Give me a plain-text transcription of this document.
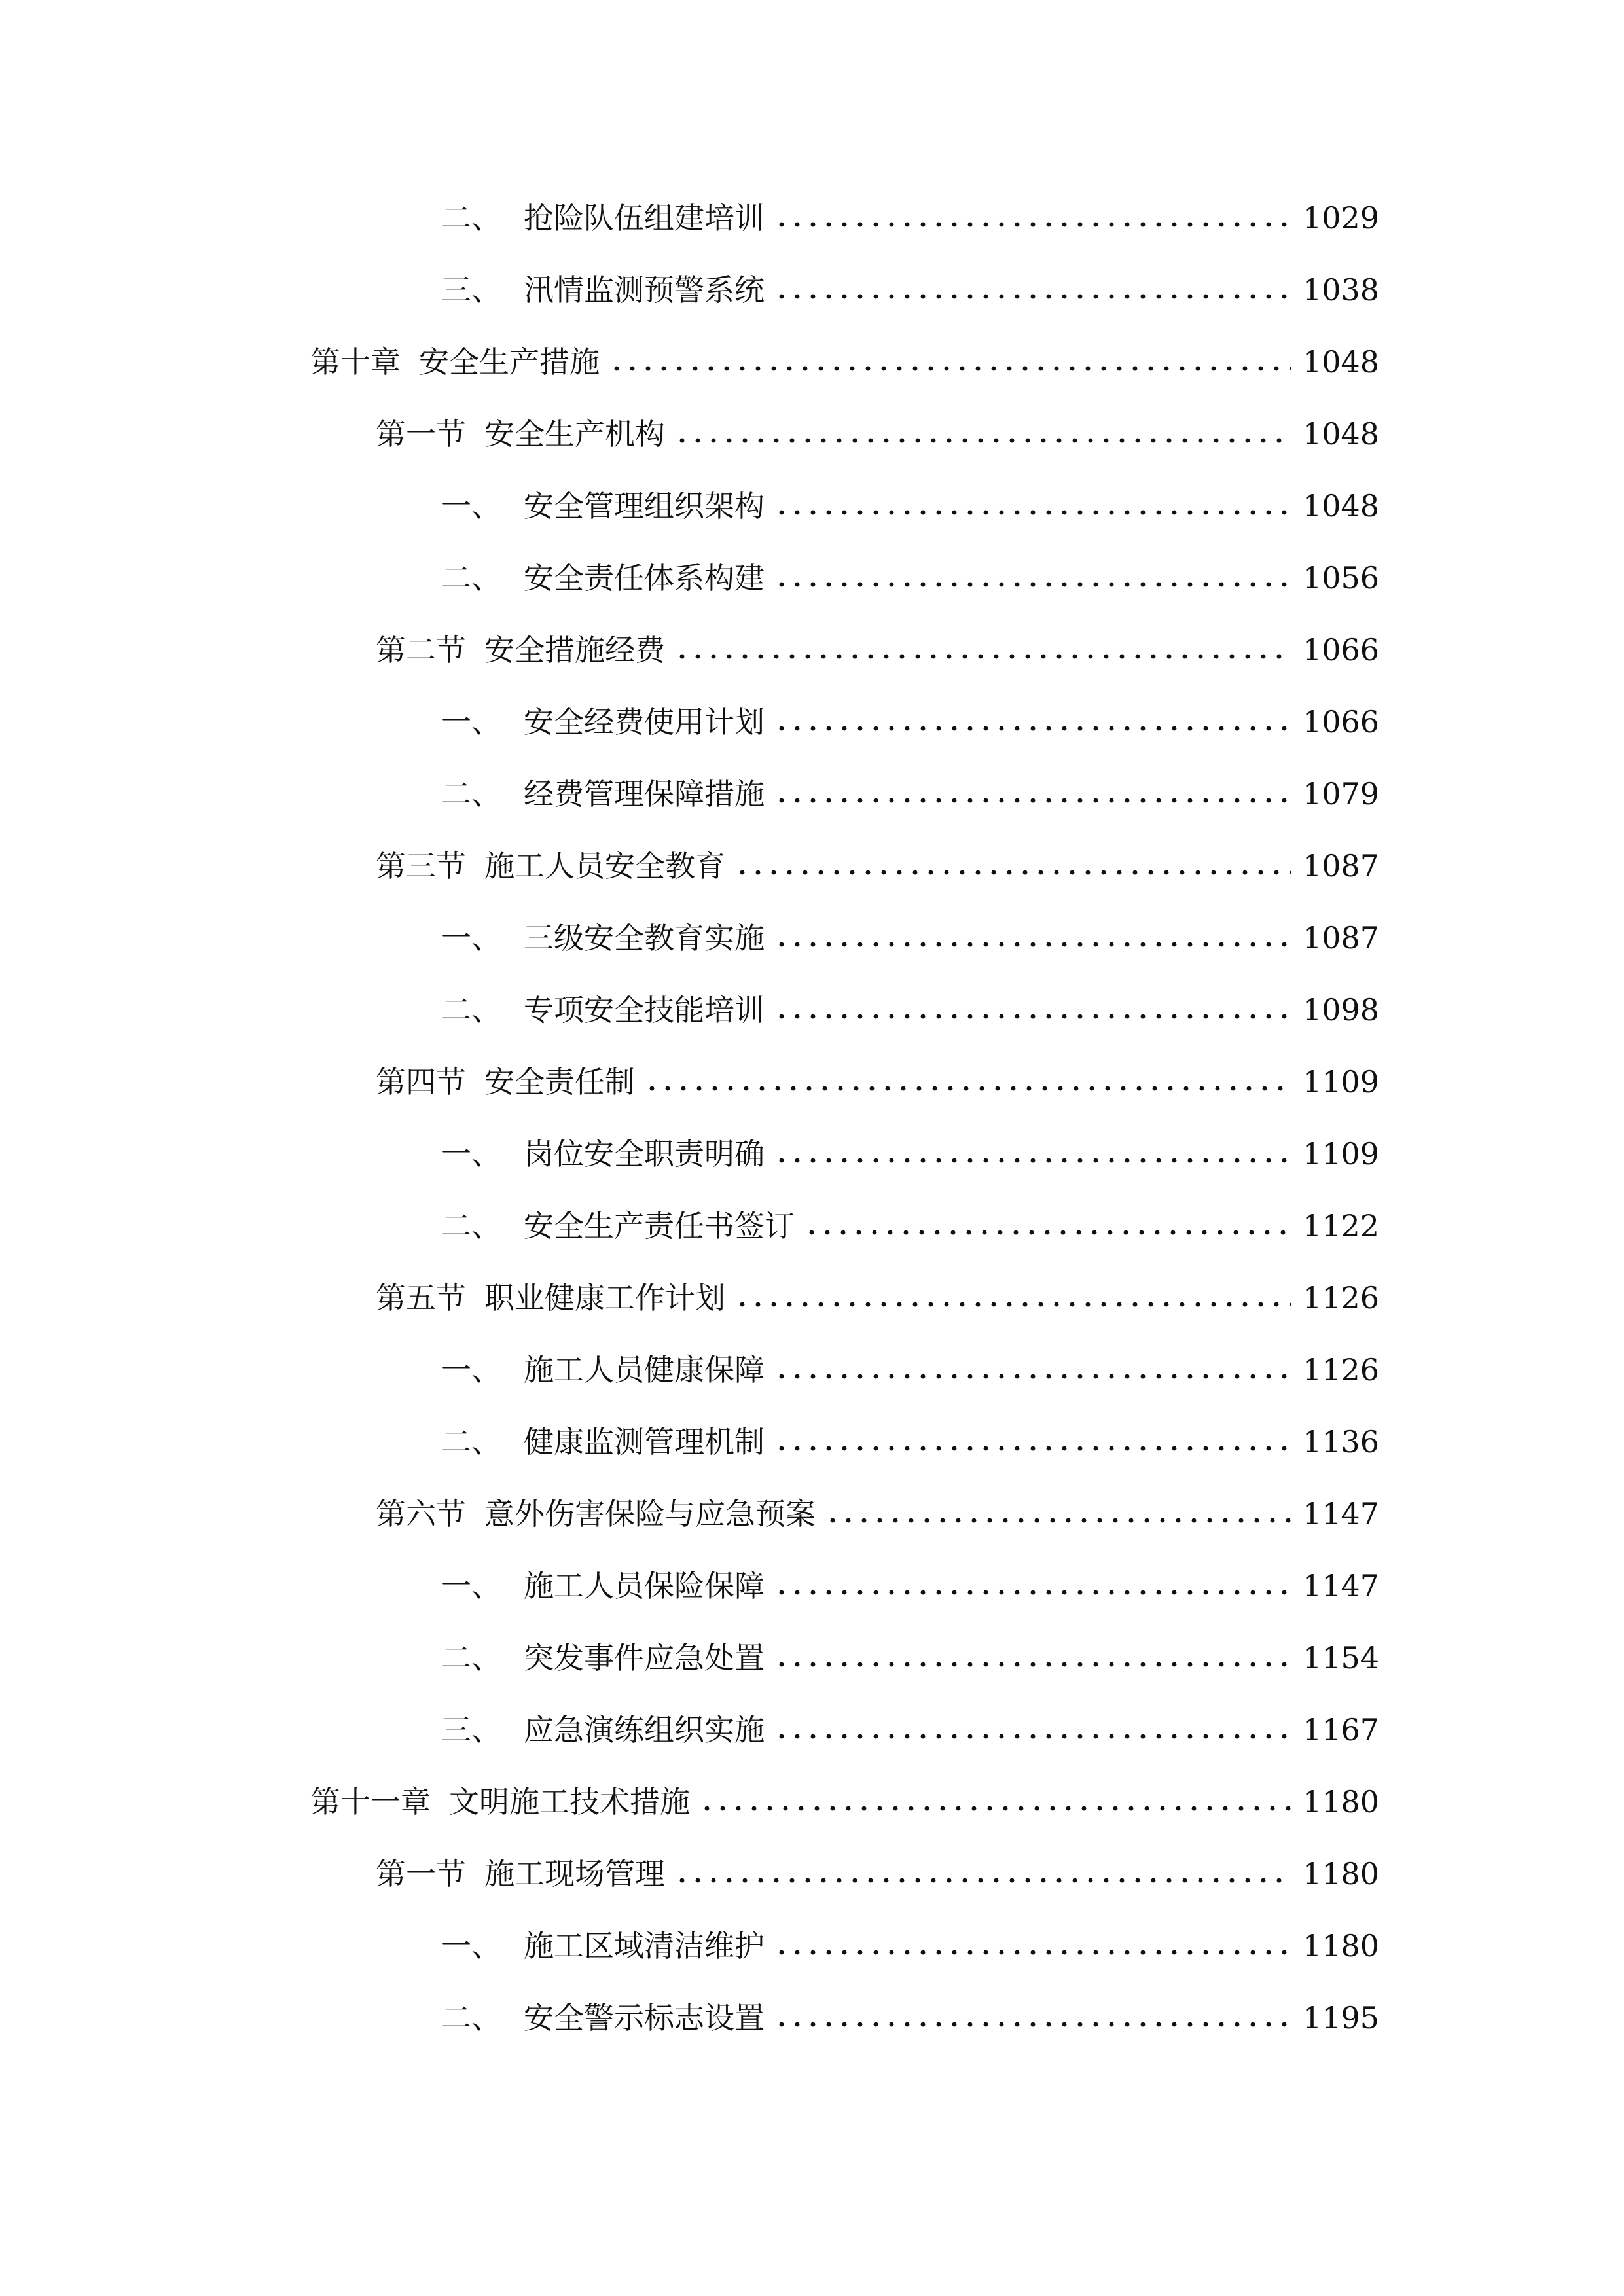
二、 抢险队伍组建培训	1029
三、 汛情监测预警系统	1038
第十章 安全生产措施	1048
第一节 安全生产机构	1048
一、 安全管理组织架构	1048
二、 安全责任体系构建	1056
第二节 安全措施经费	1066
一、 安全经费使用计划	1066
二、 经费管理保障措施	1079
第三节 施工人员安全教育	1087
一、 三级安全教育实施	1087
二、 专项安全技能培训	1098
第四节 安全责任制	1109
一、 岗位安全职责明确	1109
二、 安全生产责任书签订	1122
第五节 职业健康工作计划	1126
一、 施工人员健康保障	1126
二、 健康监测管理机制	1136
第六节 意外伤害保险与应急预案	1147
一、 施工人员保险保障	1147
二、 突发事件应急处置	1154
三、 应急演练组织实施	1167
第十一章 文明施工技术措施	1180
第一节 施工现场管理	1180
一、 施工区域清洁维护	1180
二、 安全警示标志设置	1195
